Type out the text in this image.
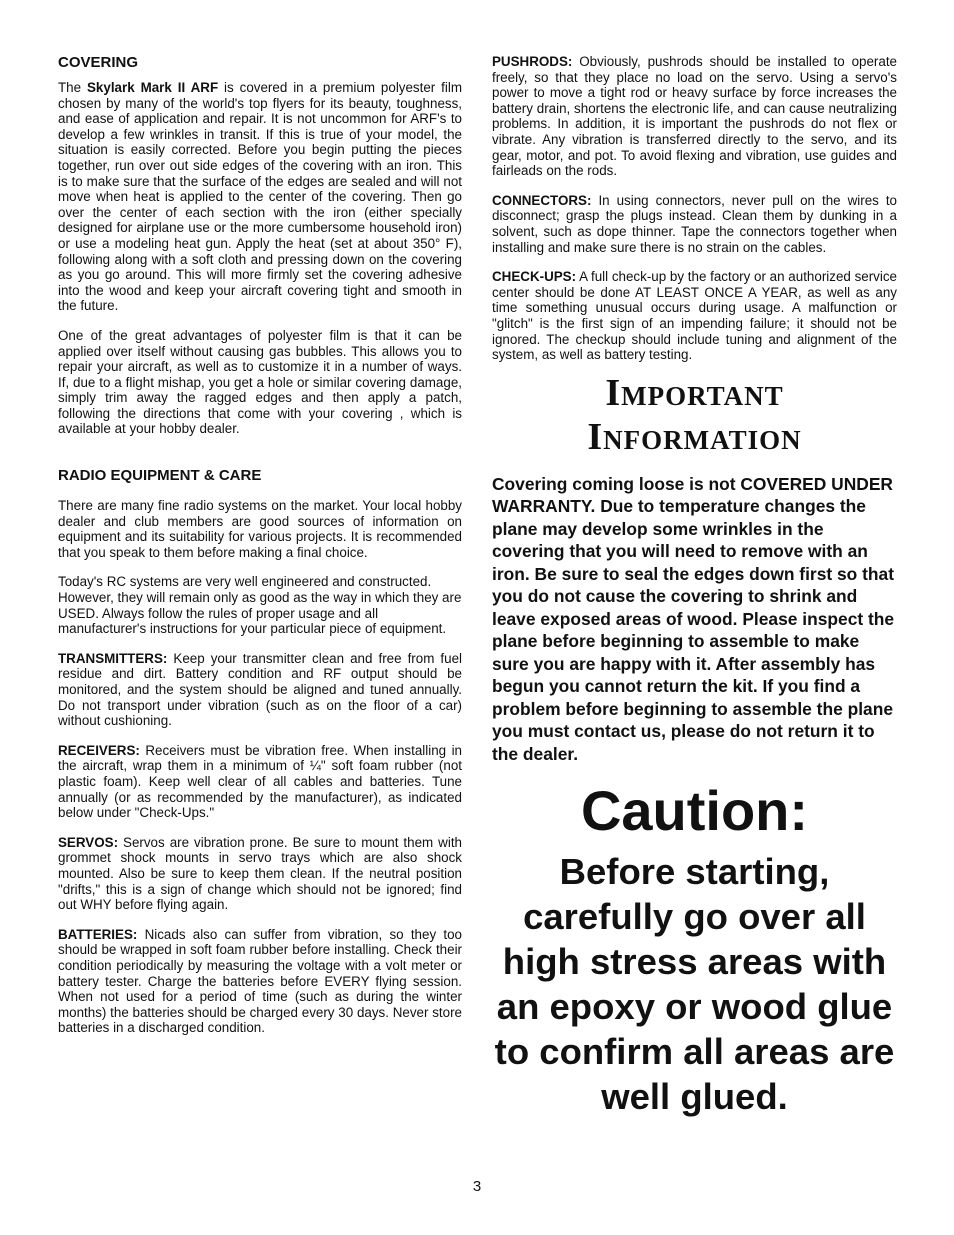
COVERING

The Skylark Mark II ARF is covered in a premium polyester film chosen by many of the world's top flyers for its beauty, toughness, and ease of application and repair. It is not uncommon for ARF's to develop a few wrinkles in transit. If this is true of your model, the situation is easily corrected. Before you begin putting the pieces together, run over out side edges of the covering with an iron. This is to make sure that the surface of the edges are sealed and will not move when heat is applied to the center of the covering. Then go over the center of each section with the iron (either specially designed for airplane use or the more cumbersome household iron) or use a modeling heat gun. Apply the heat (set at about 350° F), following along with a soft cloth and pressing down on the covering as you go around. This will more firmly set the covering adhesive into the wood and keep your aircraft covering tight and smooth in the future.

One of the great advantages of polyester film is that it can be applied over itself without causing gas bubbles. This allows you to repair your aircraft, as well as to customize it in a number of ways. If, due to a flight mishap, you get a hole or similar covering damage, simply trim away the ragged edges and then apply a patch, following the directions that come with your covering , which is available at your hobby dealer.

RADIO EQUIPMENT & CARE

There are many fine radio systems on the market. Your local hobby dealer and club members are good sources of information on equipment and its suitability for various projects. It is recommended that you speak to them before making a final choice.

Today's RC systems are very well engineered and constructed. However, they will remain only as good as the way in which they are USED. Always follow the rules of proper usage and all manufacturer's instructions for your particular piece of equipment.

TRANSMITTERS: Keep your transmitter clean and free from fuel residue and dirt. Battery condition and RF output should be monitored, and the system should be aligned and tuned annually. Do not transport under vibration (such as on the floor of a car) without cushioning.

RECEIVERS: Receivers must be vibration free. When installing in the aircraft, wrap them in a minimum of ¼" soft foam rubber (not plastic foam). Keep well clear of all cables and batteries. Tune annually (or as recommended by the manufacturer), as indicated below under "Check-Ups."

SERVOS: Servos are vibration prone. Be sure to mount them with grommet shock mounts in servo trays which are also shock mounted. Also be sure to keep them clean. If the neutral position "drifts," this is a sign of change which should not be ignored; find out WHY before flying again.

BATTERIES: Nicads also can suffer from vibration, so they too should be wrapped in soft foam rubber before installing. Check their condition periodically by measuring the voltage with a volt meter or battery tester. Charge the batteries before EVERY flying session. When not used for a period of time (such as during the winter months) the batteries should be charged every 30 days. Never store batteries in a discharged condition.

PUSHRODS: Obviously, pushrods should be installed to operate freely, so that they place no load on the servo. Using a servo's power to move a tight rod or heavy surface by force increases the battery drain, shortens the electronic life, and can cause neutralizing problems. In addition, it is important the pushrods do not flex or vibrate. Any vibration is transferred directly to the servo, and its gear, motor, and pot. To avoid flexing and vibration, use guides and fairleads on the rods.

CONNECTORS: In using connectors, never pull on the wires to disconnect; grasp the plugs instead. Clean them by dunking in a solvent, such as dope thinner. Tape the connectors together when installing and make sure there is no strain on the cables.

CHECK-UPS: A full check-up by the factory or an authorized service center should be done AT LEAST ONCE A YEAR, as well as any time something unusual occurs during usage. A malfunction or "glitch" is the first sign of an impending failure; it should not be ignored. The checkup should include tuning and alignment of the system, as well as battery testing.

Important
Information

Covering coming loose is not COVERED UNDER WARRANTY. Due to temperature changes the plane may develop some wrinkles in the covering that you will need to remove with an iron. Be sure to seal the edges down first so that you do not cause the covering to shrink and leave exposed areas of wood. Please inspect the plane before beginning to assemble to make sure you are happy with it. After assembly has begun you cannot return the kit. If you find a problem before beginning to assemble the plane you must contact us, please do not return it to the dealer.

Caution:

Before starting, carefully go over all high stress areas with an epoxy or wood glue to confirm all areas are well glued.

3
